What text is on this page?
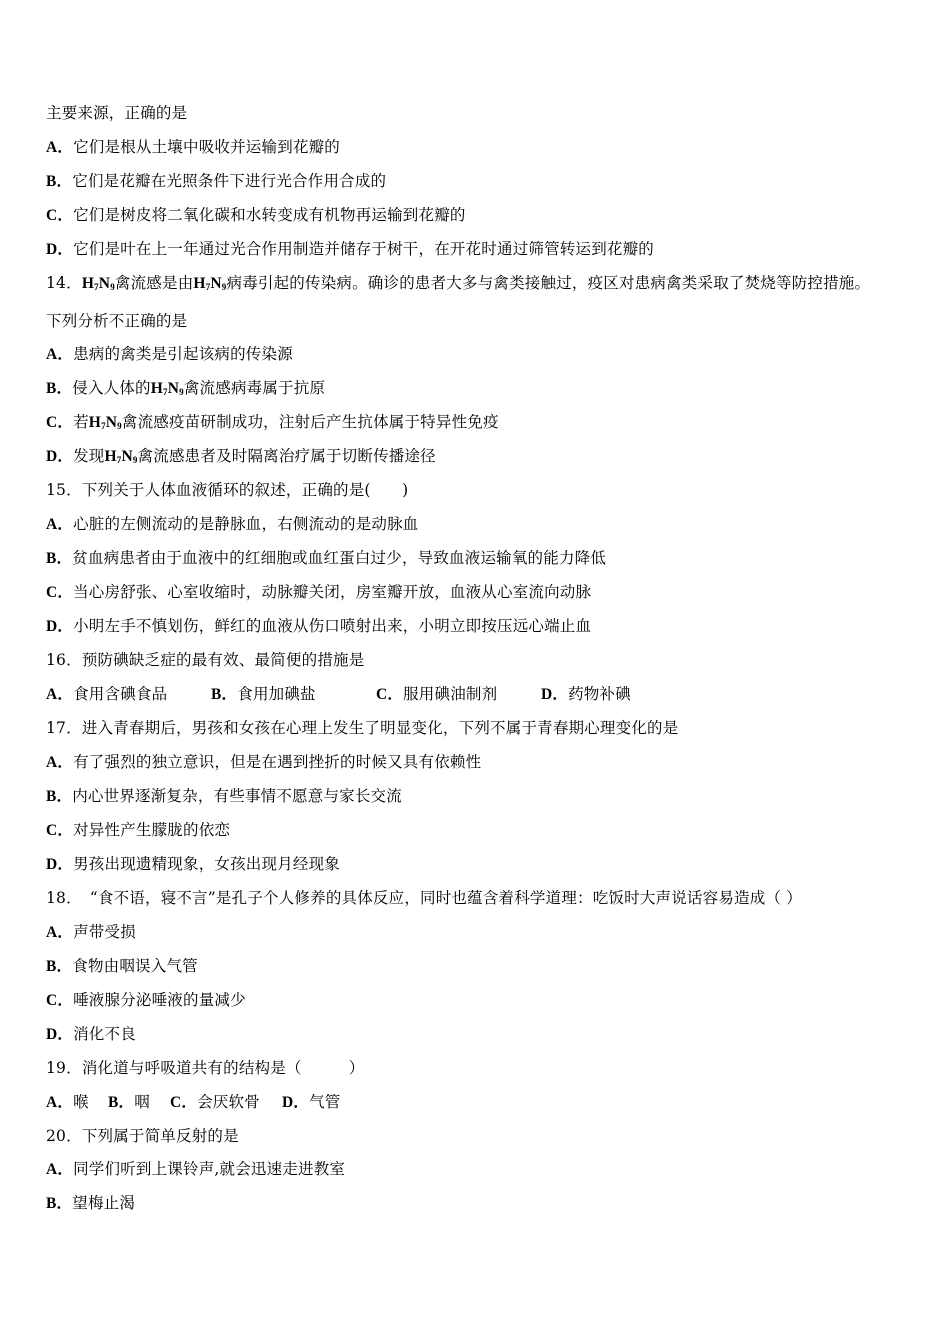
主要来源，正确的是
A．它们是根从土壤中吸收并运输到花瓣的
B．它们是花瓣在光照条件下进行光合作用合成的
C．它们是树皮将二氧化碳和水转变成有机物再运输到花瓣的
D．它们是叶在上一年通过光合作用制造并储存于树干，在开花时通过筛管转运到花瓣的
14．$H_7N_9$禽流感是由$H_7N_9$病毒引起的传染病。确诊的患者大多与禽类接触过，疫区对患病禽类采取了焚烧等防控措施。
下列分析不正确的是
A．患病的禽类是引起该病的传染源
B．侵入人体的$H_7N_9$禽流感病毒属于抗原
C．若$H_7N_9$禽流感疫苗研制成功，注射后产生抗体属于特异性免疫
D．发现$H_7N_9$禽流感患者及时隔离治疗属于切断传播途径
15．下列关于人体血液循环的叙述，正确的是(　　)
A．心脏的左侧流动的是静脉血，右侧流动的是动脉血
B．贫血病患者由于血液中的红细胞或血红蛋白过少，导致血液运输氧的能力降低
C．当心房舒张、心室收缩时，动脉瓣关闭，房室瓣开放，血液从心室流向动脉
D．小明左手不慎划伤，鲜红的血液从伤口喷射出来，小明立即按压远心端止血
16．预防碘缺乏症的最有效、最简便的措施是
A．食用含碘食品	B．食用加碘盐	C．服用碘油制剂	D．药物补碘
17．进入青春期后，男孩和女孩在心理上发生了明显变化，下列不属于青春期心理变化的是
A．有了强烈的独立意识，但是在遇到挫折的时候又具有依赖性
B．内心世界逐渐复杂，有些事情不愿意与家长交流
C．对异性产生朦胧的依恋
D．男孩出现遗精现象，女孩出现月经现象
18．　“食不语，寝不言”是孔子个人修养的具体反应，同时也蕴含着科学道理：吃饭时大声说话容易造成（ ）
A．声带受损
B．食物由咽误入气管
C．唾液腺分泌唾液的量减少
D．消化不良
19．消化道与呼吸道共有的结构是（　　　）
A．喉 B．咽 C．会厌软骨 D．气管
20．下列属于简单反射的是
A．同学们听到上课铃声,就会迅速走进教室
B．望梅止渴
